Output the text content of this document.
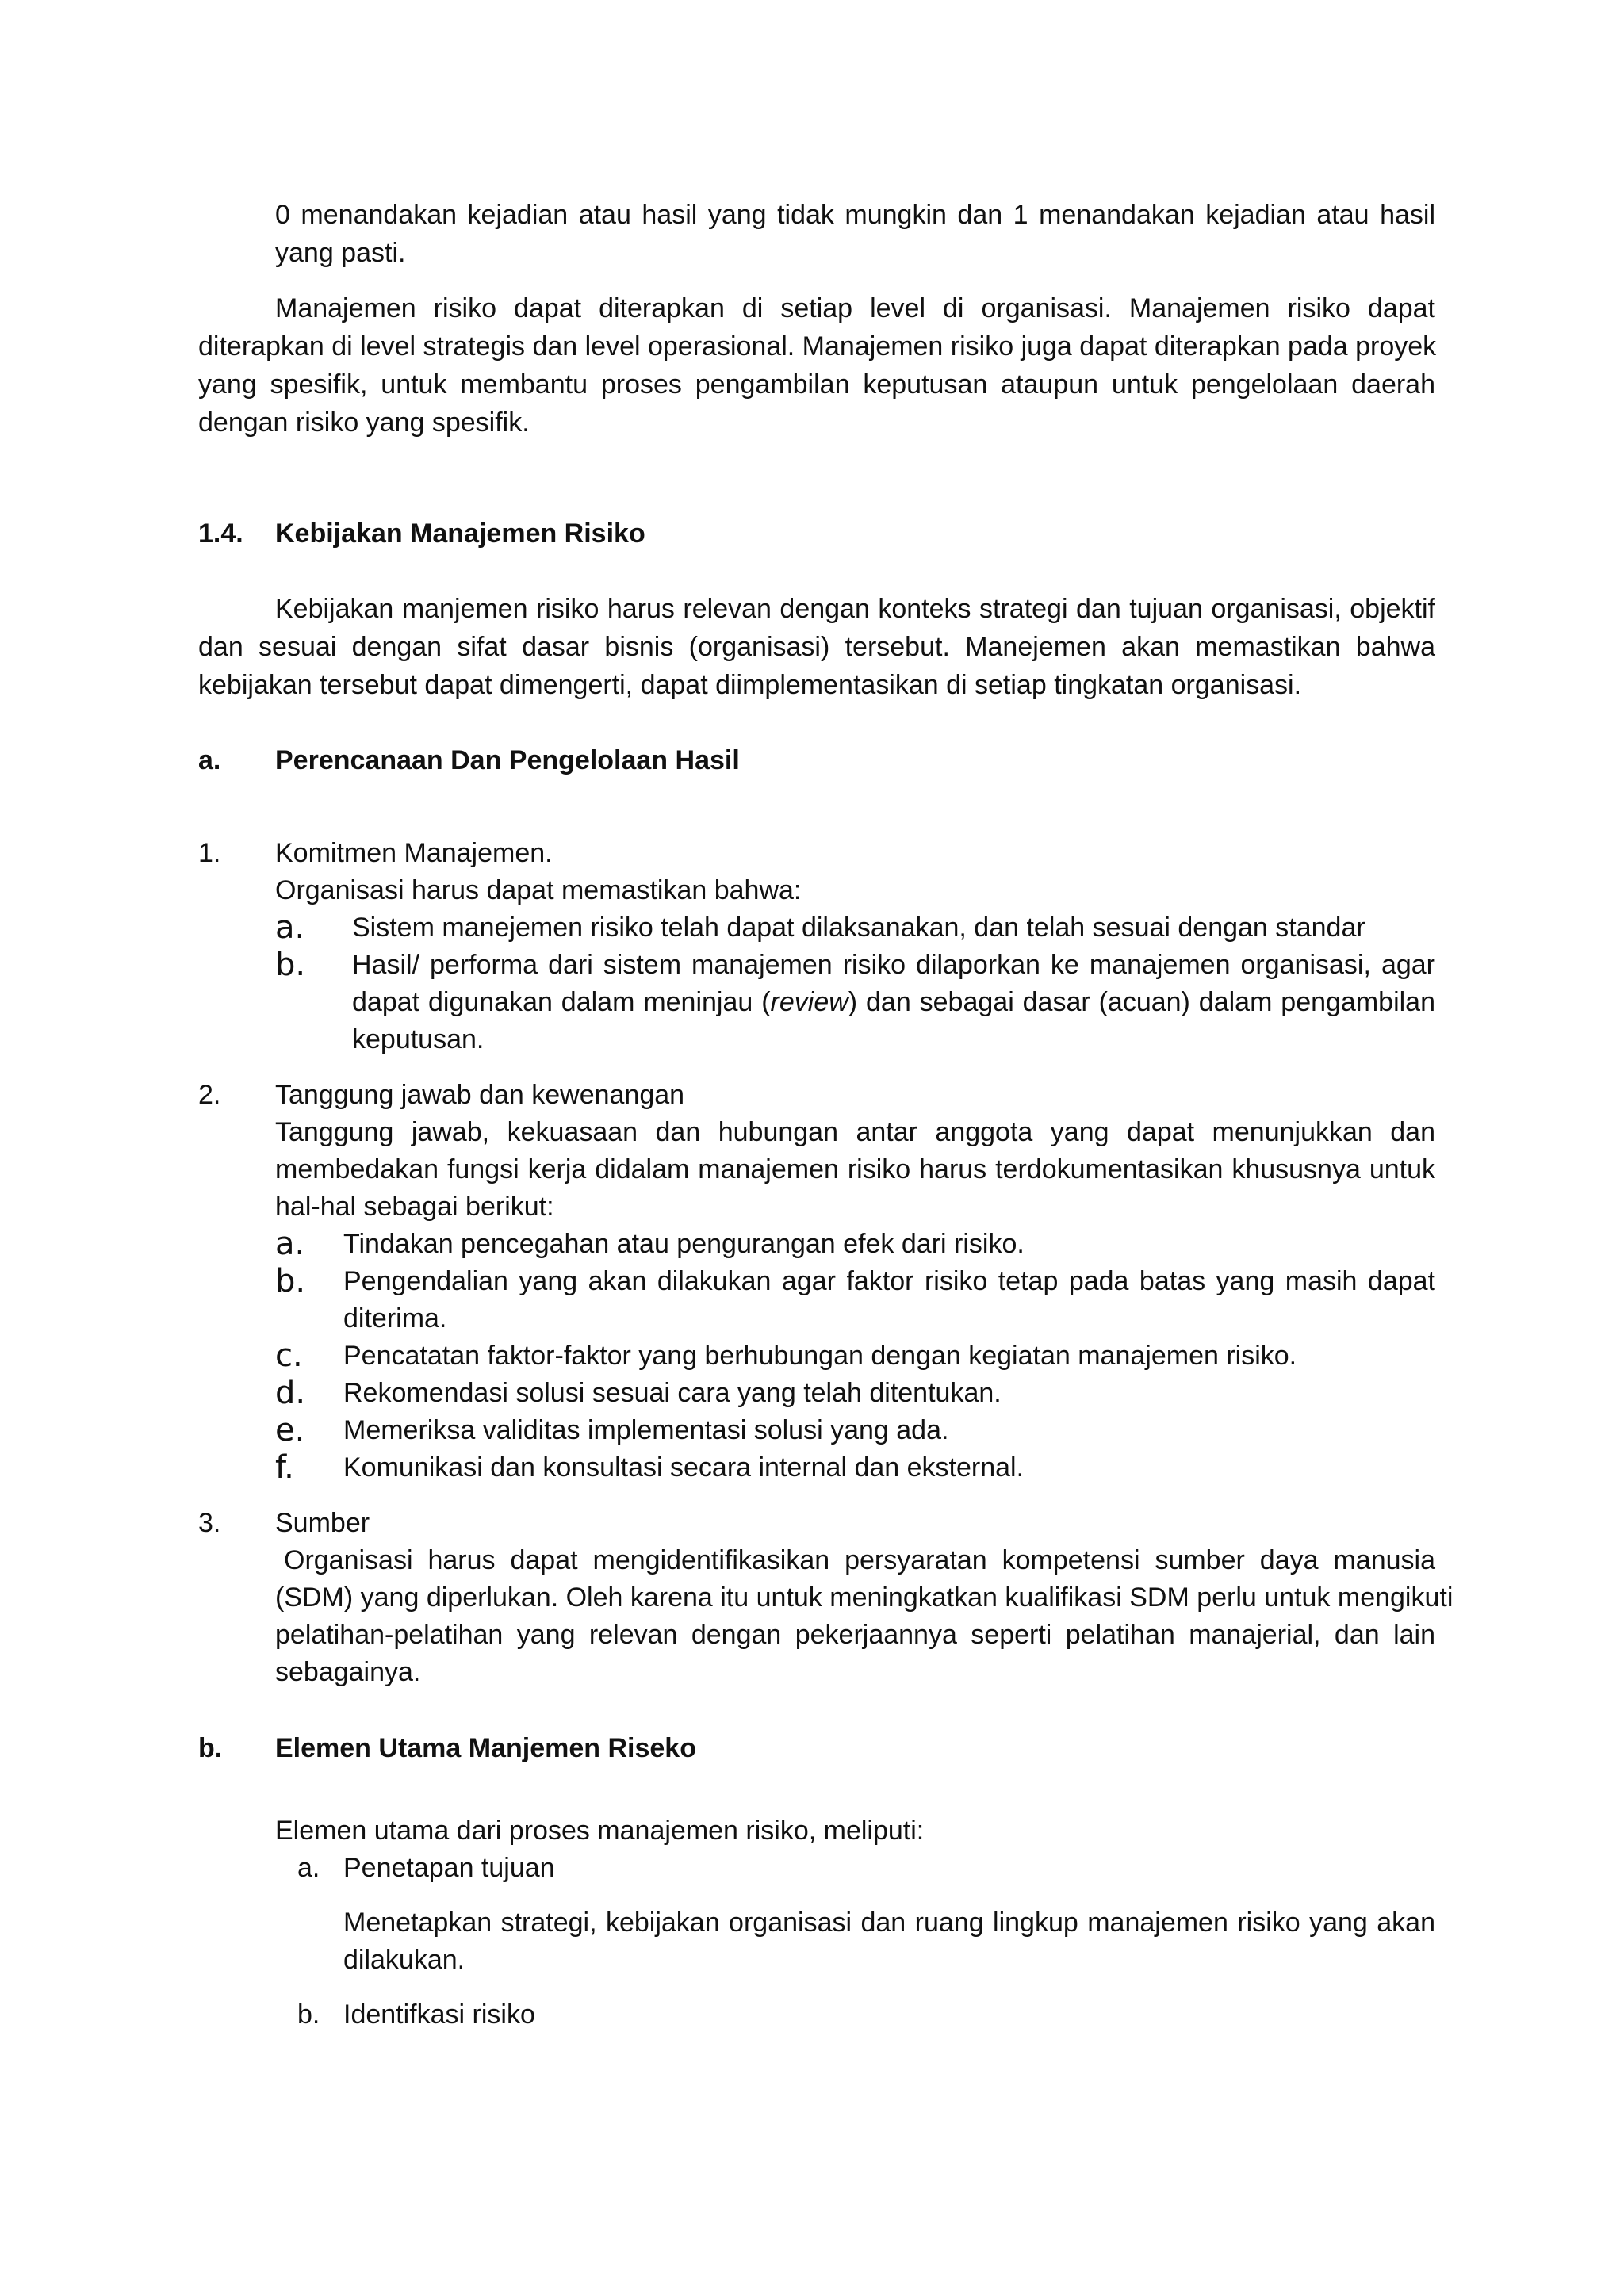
0 menandakan kejadian atau hasil yang tidak mungkin dan 1 menandakan kejadian atau hasil
yang pasti.
Manajemen risiko dapat diterapkan di setiap level di organisasi. Manajemen risiko dapat
diterapkan di level strategis dan level operasional. Manajemen risiko juga dapat diterapkan pada proyek
yang spesifik, untuk membantu proses pengambilan keputusan ataupun untuk pengelolaan daerah
dengan risiko yang spesifik.
1.4. Kebijakan Manajemen Risiko
Kebijakan manjemen risiko harus relevan dengan konteks strategi dan tujuan organisasi, objektif
dan sesuai dengan sifat dasar bisnis (organisasi) tersebut. Manejemen akan memastikan bahwa
kebijakan tersebut dapat dimengerti, dapat diimplementasikan di setiap tingkatan organisasi.
a. Perencanaan Dan Pengelolaan Hasil
1. Komitmen Manajemen.
Organisasi harus dapat memastikan bahwa:
a. Sistem manejemen risiko telah dapat dilaksanakan, dan telah sesuai dengan standar
b. Hasil/ performa dari sistem manajemen risiko dilaporkan ke manajemen organisasi, agar
dapat digunakan dalam meninjau (review) dan sebagai dasar (acuan) dalam pengambilan
keputusan.
2. Tanggung jawab dan kewenangan
Tanggung jawab, kekuasaan dan hubungan antar anggota yang dapat menunjukkan dan
membedakan fungsi kerja didalam manajemen risiko harus terdokumentasikan khususnya untuk
hal-hal sebagai berikut:
a. Tindakan pencegahan atau pengurangan efek dari risiko.
b. Pengendalian yang akan dilakukan agar faktor risiko tetap pada batas yang masih dapat
diterima.
c. Pencatatan faktor-faktor yang berhubungan dengan kegiatan manajemen risiko.
d. Rekomendasi solusi sesuai cara yang telah ditentukan.
e. Memeriksa validitas implementasi solusi yang ada.
f. Komunikasi dan konsultasi secara internal dan eksternal.
3. Sumber
Organisasi harus dapat mengidentifikasikan persyaratan kompetensi sumber daya manusia
(SDM) yang diperlukan. Oleh karena itu untuk meningkatkan kualifikasi SDM perlu untuk mengikuti
pelatihan-pelatihan yang relevan dengan pekerjaannya seperti pelatihan manajerial, dan lain
sebagainya.
b. Elemen Utama Manjemen Riseko
Elemen utama dari proses manajemen risiko, meliputi:
a. Penetapan tujuan
Menetapkan strategi, kebijakan organisasi dan ruang lingkup manajemen risiko yang akan
dilakukan.
b. Identifkasi risiko
